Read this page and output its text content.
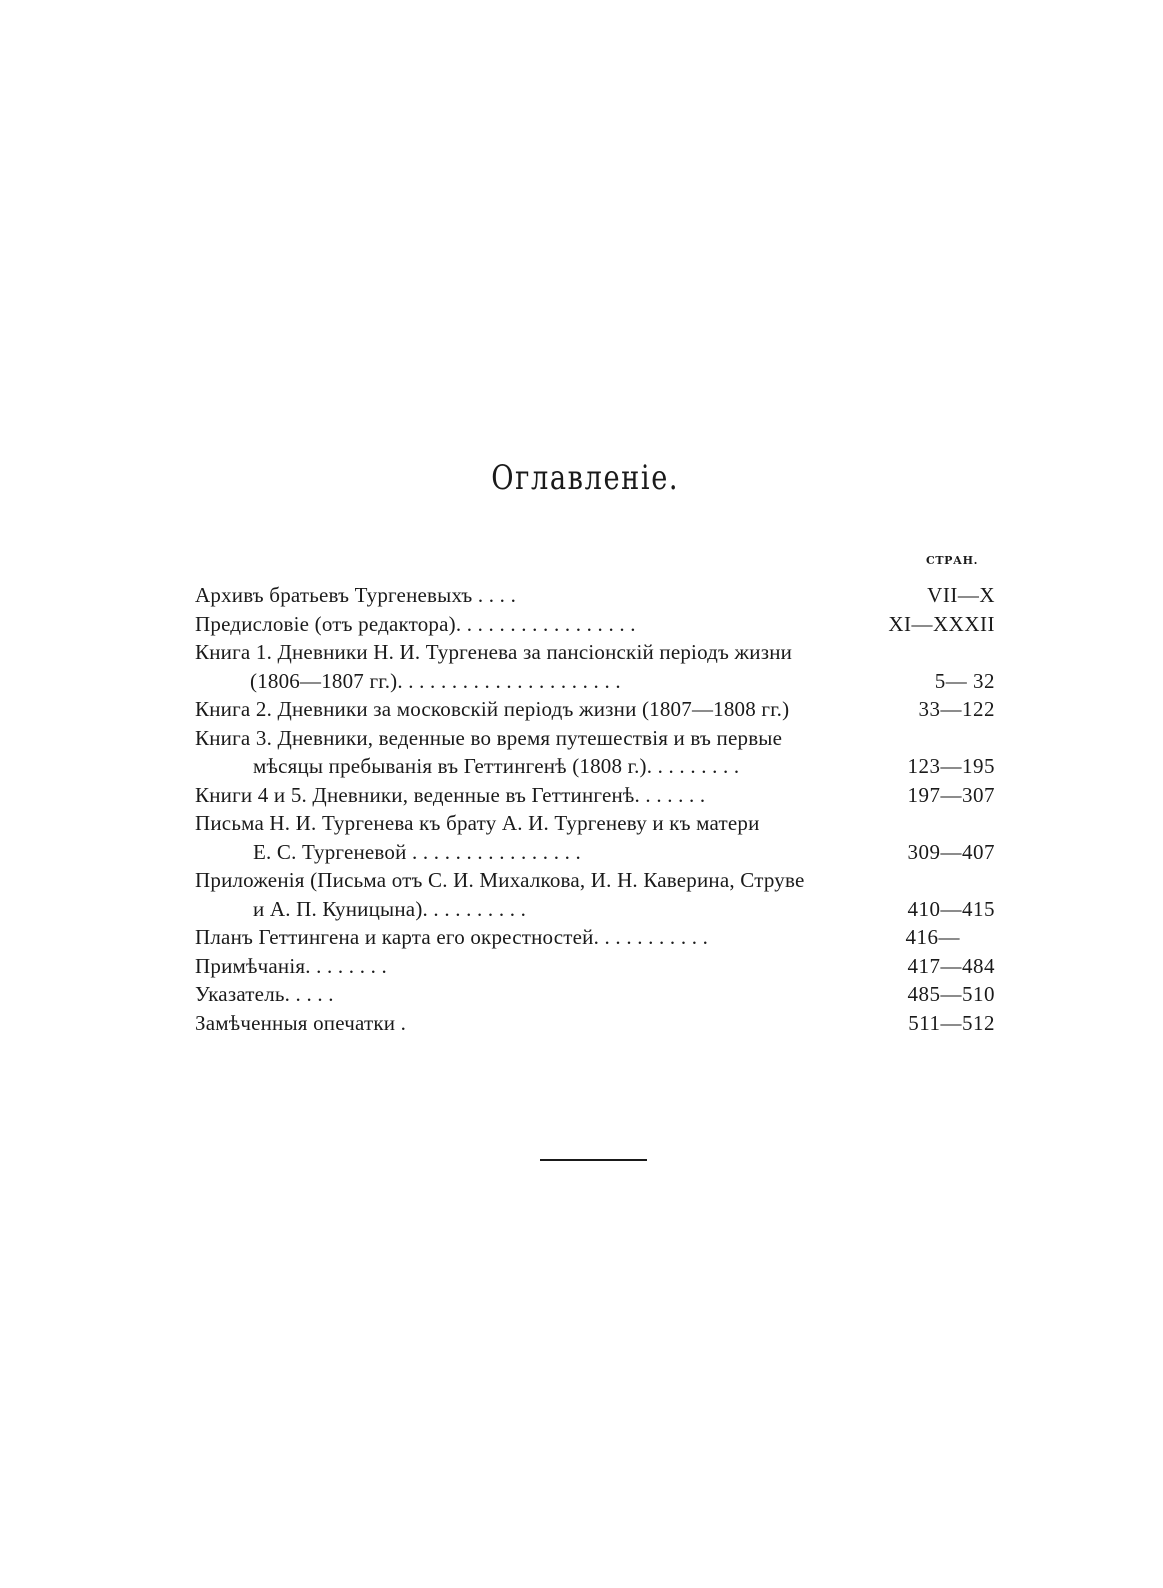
Оглавленіе.
СТРАН.
Архивъ братьевъ Тургеневыхъ . . . .	VII—X
Предисловіе (отъ редактора). . . . . . . . . . . . . . . . .	XI—XXXII
Книга 1. Дневники Н. И. Тургенева за пансіонскій періодъ жизни
(1806—1807 гг.). . . . . . . . . . . . . . . . . . . . .	5— 32
Книга 2. Дневники за московскій періодъ жизни (1807—1808 гг.)	33—122
Книга 3. Дневники, веденные во время путешествія и въ первые
мѣсяцы пребыванія въ Геттингенѣ (1808 г.). . . . . . . . .	123—195
Книги 4 и 5. Дневники, веденные въ Геттингенѣ. . . . . . .	197—307
Письма Н. И. Тургенева къ брату А. И. Тургеневу и къ матери
Е. С. Тургеневой . . . . . . . . . . . . . . . .	309—407
Приложенія (Письма отъ С. И. Михалкова, И. Н. Каверина, Струве
и А. П. Куницына). . . . . . . . . .	410—415
Планъ Геттингена и карта его окрестностей. . . . . . . . . . .	416—
Примѣчанія. . . . . . . .	417—484
Указатель. . . . .	485—510
Замѣченныя опечатки .	511—512
